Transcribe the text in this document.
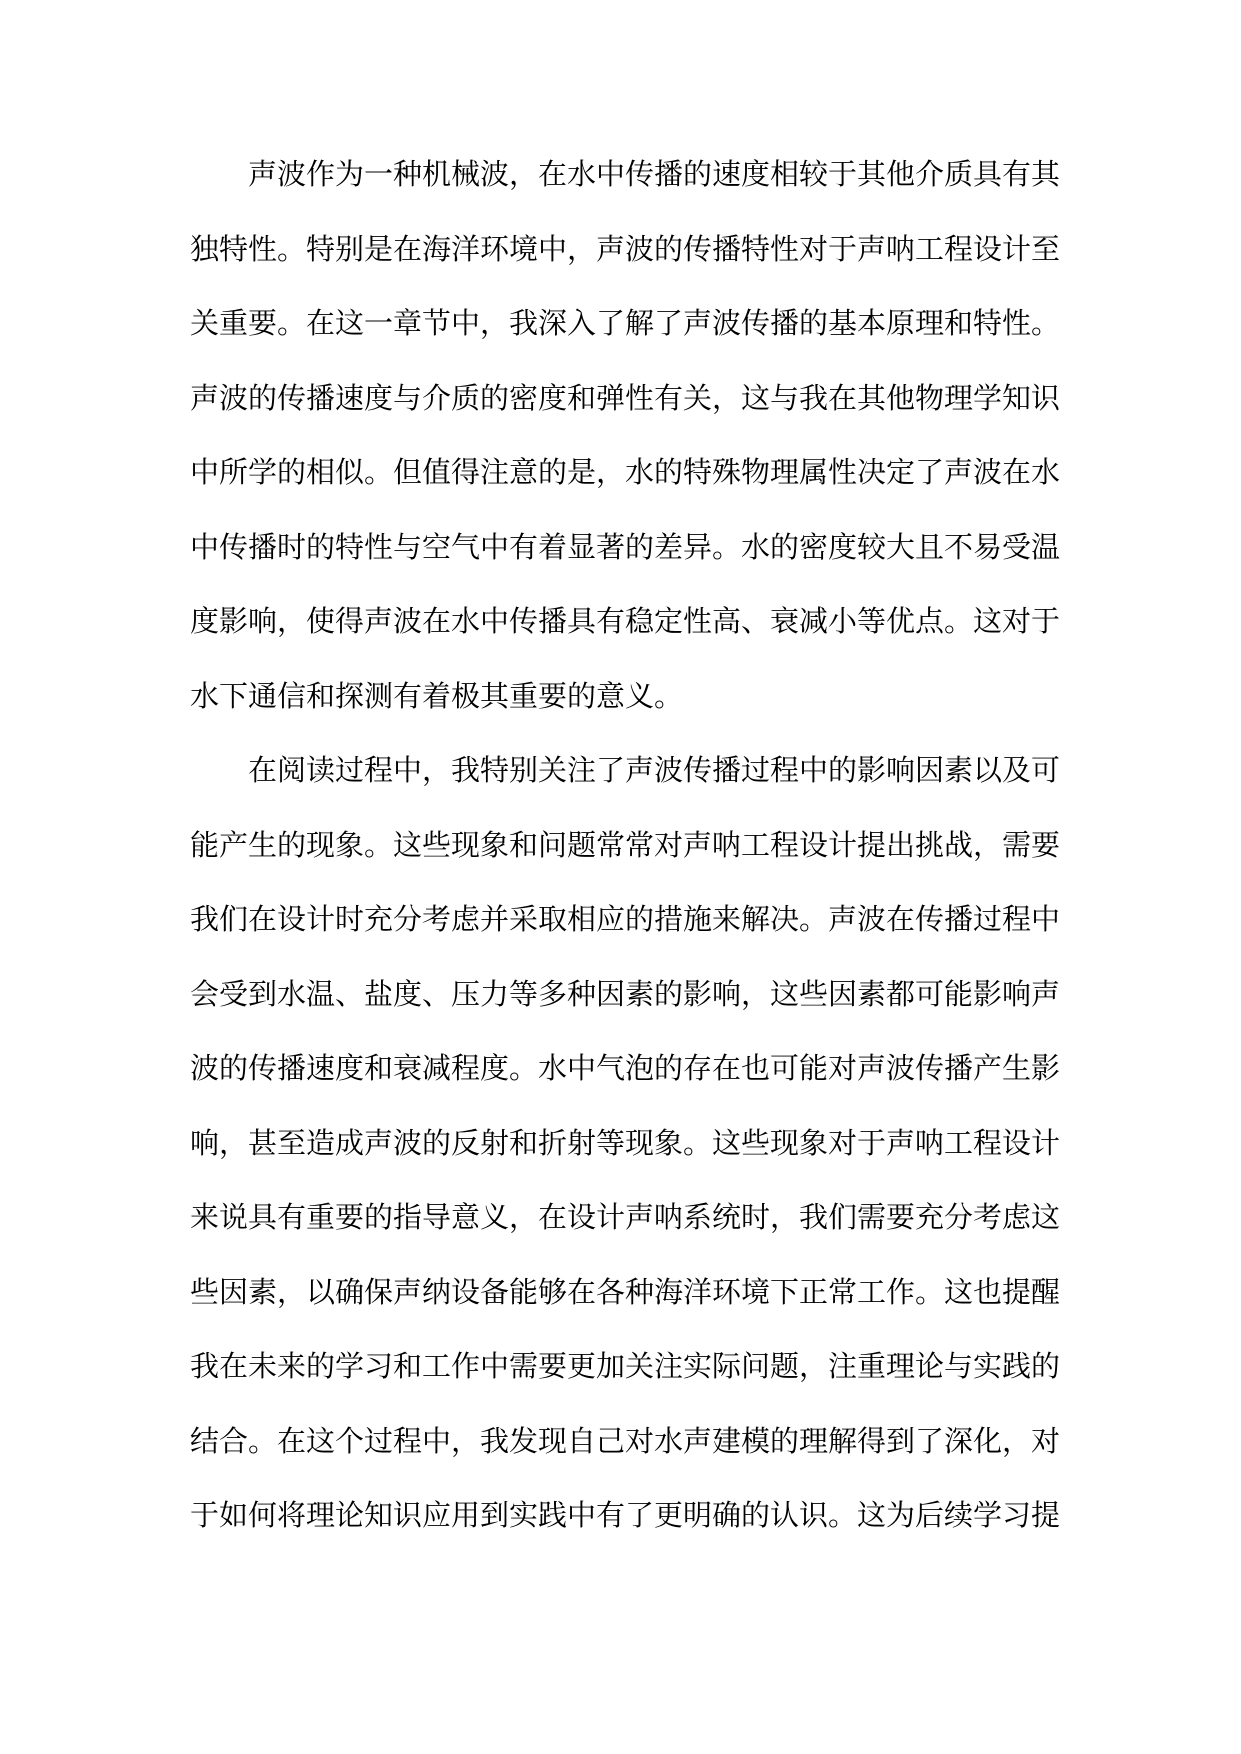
声波作为一种机械波，在水中传播的速度相较于其他介质具有其
独特性。特别是在海洋环境中，声波的传播特性对于声呐工程设计至
关重要。在这一章节中，我深入了解了声波传播的基本原理和特性。
声波的传播速度与介质的密度和弹性有关，这与我在其他物理学知识
中所学的相似。但值得注意的是，水的特殊物理属性决定了声波在水
中传播时的特性与空气中有着显著的差异。水的密度较大且不易受温
度影响，使得声波在水中传播具有稳定性高、衰减小等优点。这对于
水下通信和探测有着极其重要的意义。
在阅读过程中，我特别关注了声波传播过程中的影响因素以及可
能产生的现象。这些现象和问题常常对声呐工程设计提出挑战，需要
我们在设计时充分考虑并采取相应的措施来解决。声波在传播过程中
会受到水温、盐度、压力等多种因素的影响，这些因素都可能影响声
波的传播速度和衰减程度。水中气泡的存在也可能对声波传播产生影
响，甚至造成声波的反射和折射等现象。这些现象对于声呐工程设计
来说具有重要的指导意义，在设计声呐系统时，我们需要充分考虑这
些因素，以确保声纳设备能够在各种海洋环境下正常工作。这也提醒
我在未来的学习和工作中需要更加关注实际问题，注重理论与实践的
结合。在这个过程中，我发现自己对水声建模的理解得到了深化，对
于如何将理论知识应用到实践中有了更明确的认识。这为后续学习提
